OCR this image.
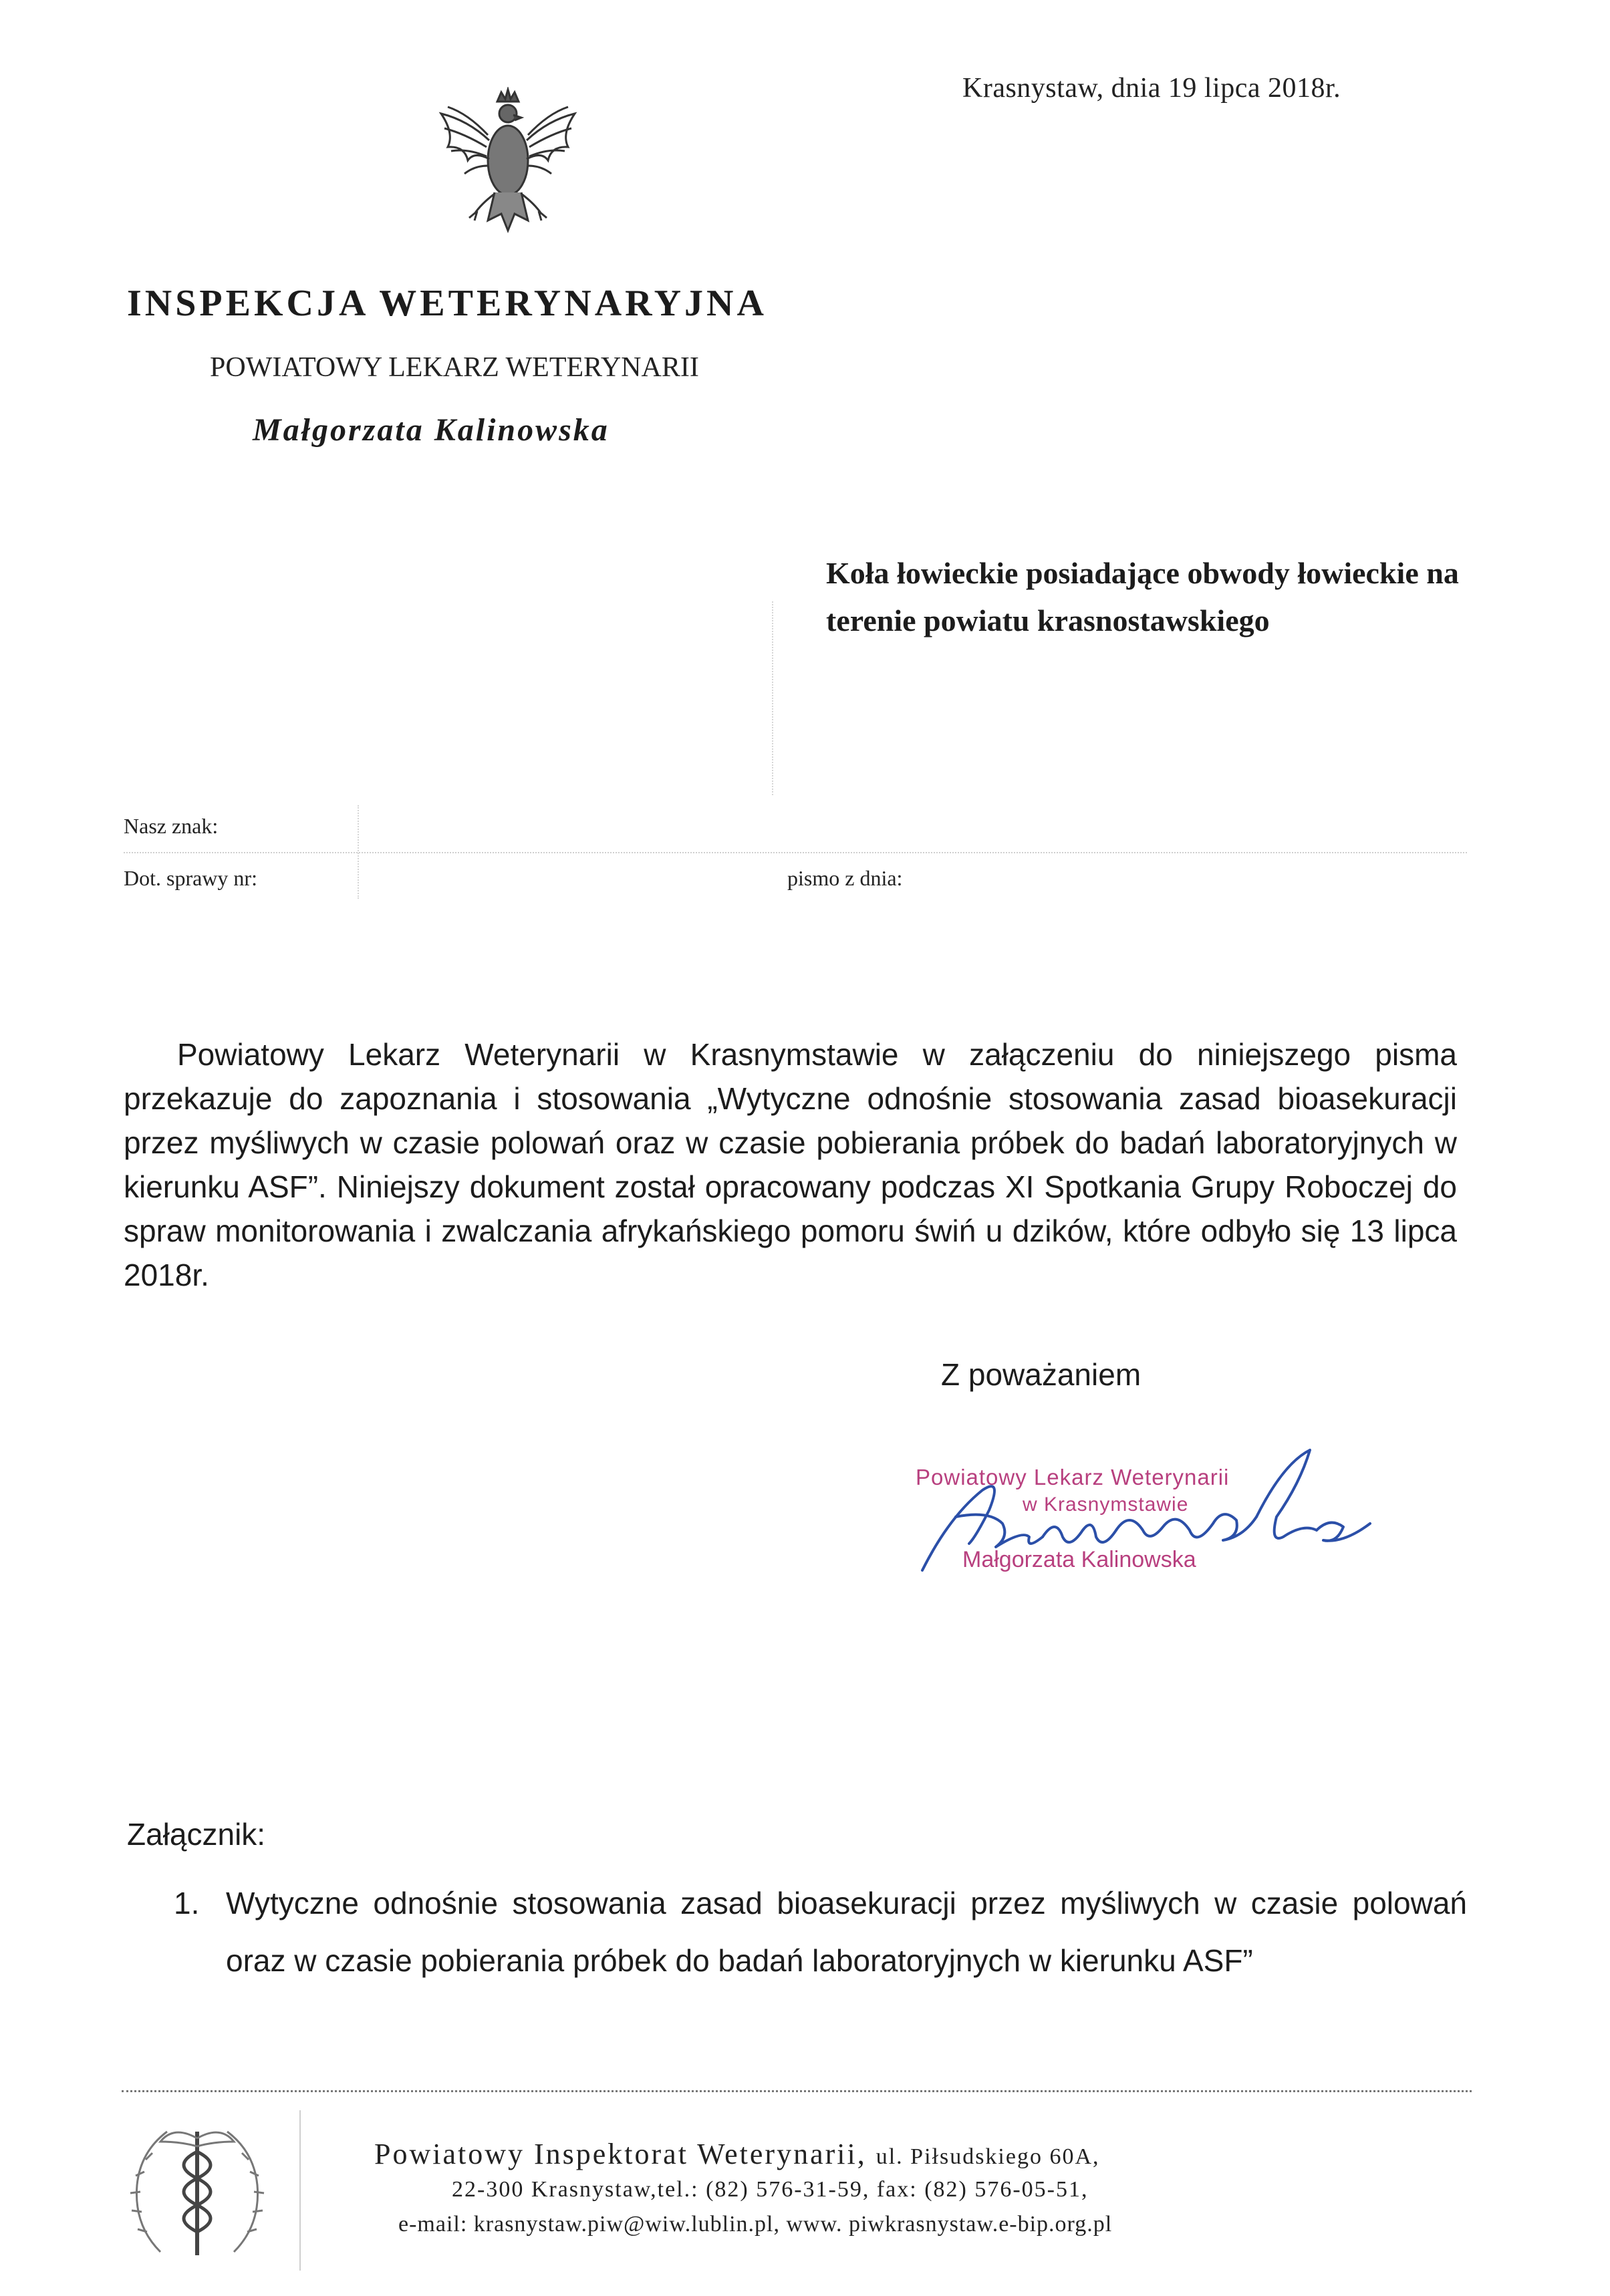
Krasnystaw, dnia 19 lipca 2018r.
INSPEKCJA WETERYNARYJNA
POWIATOWY LEKARZ WETERYNARII
Małgorzata Kalinowska
Koła łowieckie posiadające obwody łowieckie na terenie powiatu krasnostawskiego
Nasz znak:
Dot. sprawy nr:	pismo z dnia:
Powiatowy Lekarz Weterynarii w Krasnymstawie w załączeniu do niniejszego pisma przekazuje do zapoznania i stosowania „Wytyczne odnośnie stosowania zasad bioasekuracji przez myśliwych w czasie polowań oraz w czasie pobierania próbek do badań laboratoryjnych w kierunku ASF”. Niniejszy dokument został opracowany podczas XI Spotkania Grupy Roboczej do spraw monitorowania i zwalczania afrykańskiego pomoru świń u dzików, które odbyło się 13 lipca 2018r.
Z poważaniem
Powiatowy Lekarz Weterynarii
w Krasnymstawie
Małgorzata Kalinowska
Załącznik:
1. Wytyczne odnośnie stosowania zasad bioasekuracji przez myśliwych w czasie polowań oraz w czasie pobierania próbek do badań laboratoryjnych w kierunku ASF”
Powiatowy Inspektorat Weterynarii, ul. Piłsudskiego 60A,
22-300 Krasnystaw,tel.: (82) 576-31-59, fax: (82) 576-05-51,
e-mail: krasnystaw.piw@wiw.lublin.pl, www. piwkrasnystaw.e-bip.org.pl
